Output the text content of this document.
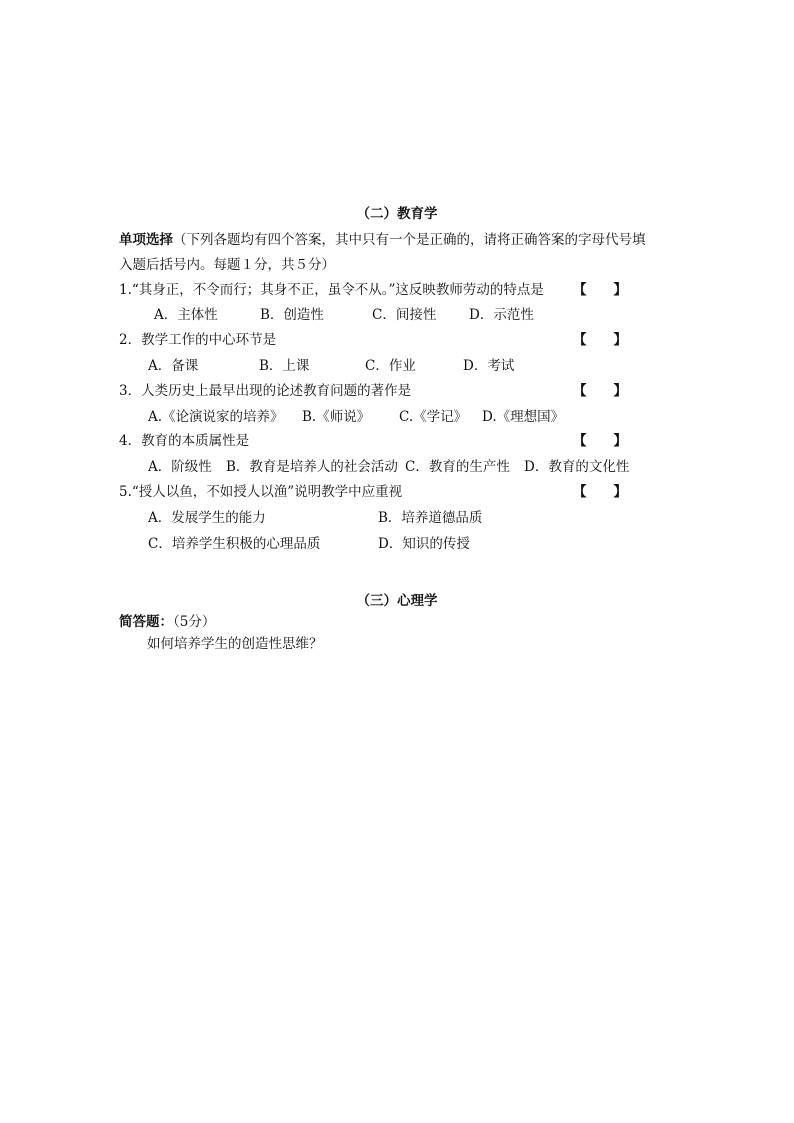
（二）教育学
单项选择（下列各题均有四个答案，其中只有一个是正确的，请将正确答案的字母代号填
入题后括号内。每题１分，共５分）
1.“其身正，不令而行；其身不正，虽令不从。”这反映教师劳动的特点是 【　　】
A．主体性	B．创造性	C．间接性 D．示范性
2．教学工作的中心环节是	【　　】
A．备课	B．上课	C．作业	D．考试
3．人类历史上最早出现的论述教育问题的著作是	【　　】
A.《论演说家的培养》 B.《师说》 C.《学记》 D.《理想国》
4．教育的本质属性是	【　　】
A．阶级性 B．教育是培养人的社会活动 C．教育的生产性 D．教育的文化性
5.“授人以鱼，不如授人以渔”说明教学中应重视	【　　】
A．发展学生的能力	B．培养道德品质
C．培养学生积极的心理品质	D．知识的传授
（三）心理学
简答题：（5分）
如何培养学生的创造性思维？
